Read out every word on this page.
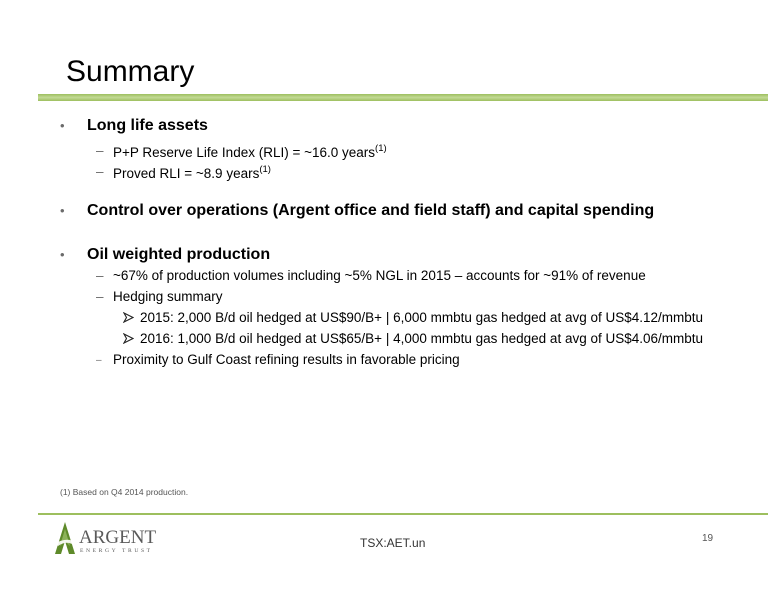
Summary
• Long life assets
– P+P Reserve Life Index (RLI) = ~16.0 years$^{(1)}$
– Proved RLI = ~8.9 years$^{(1)}$
• Control over operations (Argent office and field staff) and capital spending
• Oil weighted production
– ~67% of production volumes including ~5% NGL in 2015 – accounts for ~91% of revenue
– Hedging summary
2015: 2,000 B/d oil hedged at US$90/B+ | 6,000 mmbtu gas hedged at avg of US$4.12/mmbtu
2016: 1,000 B/d oil hedged at US$65/B+ | 4,000 mmbtu gas hedged at avg of US$4.06/mmbtu
– Proximity to Gulf Coast refining results in favorable pricing
(1) Based on Q4 2014 production.
ARGENT
ENERGY TRUST
TSX:AET.un	19
